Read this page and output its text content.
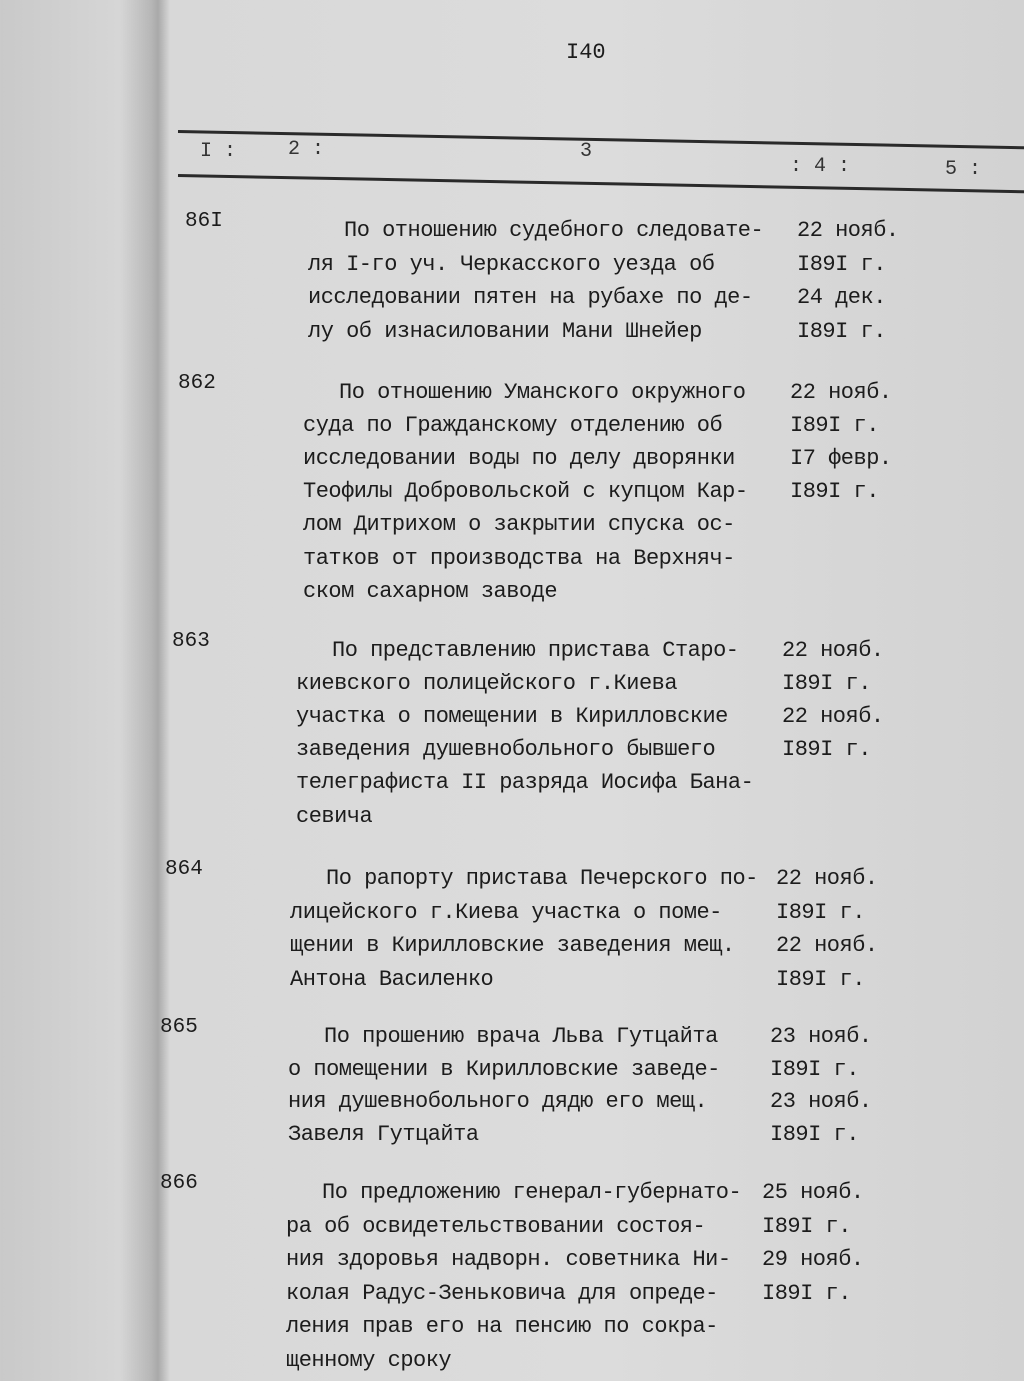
I40
I :	2 :	3
: 4 :	5 :
86I	По отношению судебного следовате- 22 нояб.
ля I-го уч. Черкасского уезда об	I89I г.
исследовании пятен на рубахе по де- 24 дек.
лу об изнасиловании Мани Шнейер	I89I г.
862	По отношению Уманского окружного 22 нояб.
суда по Гражданскому отделению об	I89I г.
исследовании воды по делу дворянки	I7 февр.
Теофилы Добровольской с купцом Кар- I89I г.
лом Дитрихом о закрытии спуска ос-
татков от производства на Верхняч-
ском сахарном заводе
863	По представлению пристава Старо- 22 нояб.
киевского полицейского г.Киева	I89I г.
участка о помещении в Кирилловские 22 нояб.
заведения душевнобольного бывшего	I89I г.
телеграфиста II разряда Иосифа Бана-
севича
864	По рапорту пристава Печерского по- 22 нояб.
лицейского г.Киева участка о поме- I89I г.
щении в Кирилловские заведения мещ. 22 нояб.
Антона Василенко	I89I г.
865	По прошению врача Льва Гутцайта 23 нояб.
о помещении в Кирилловские заведе- I89I г.
ния душевнобольного дядю его мещ.	23 нояб.
Завеля Гутцайта	I89I г.
866	По предложению генерал-губернато- 25 нояб.
ра об освидетельствовании состоя-	I89I г.
ния здоровья надворн. советника Ни- 29 нояб.
колая Радус-Зеньковича для опреде- I89I г.
ления прав его на пенсию по сокра-
щенному сроку
